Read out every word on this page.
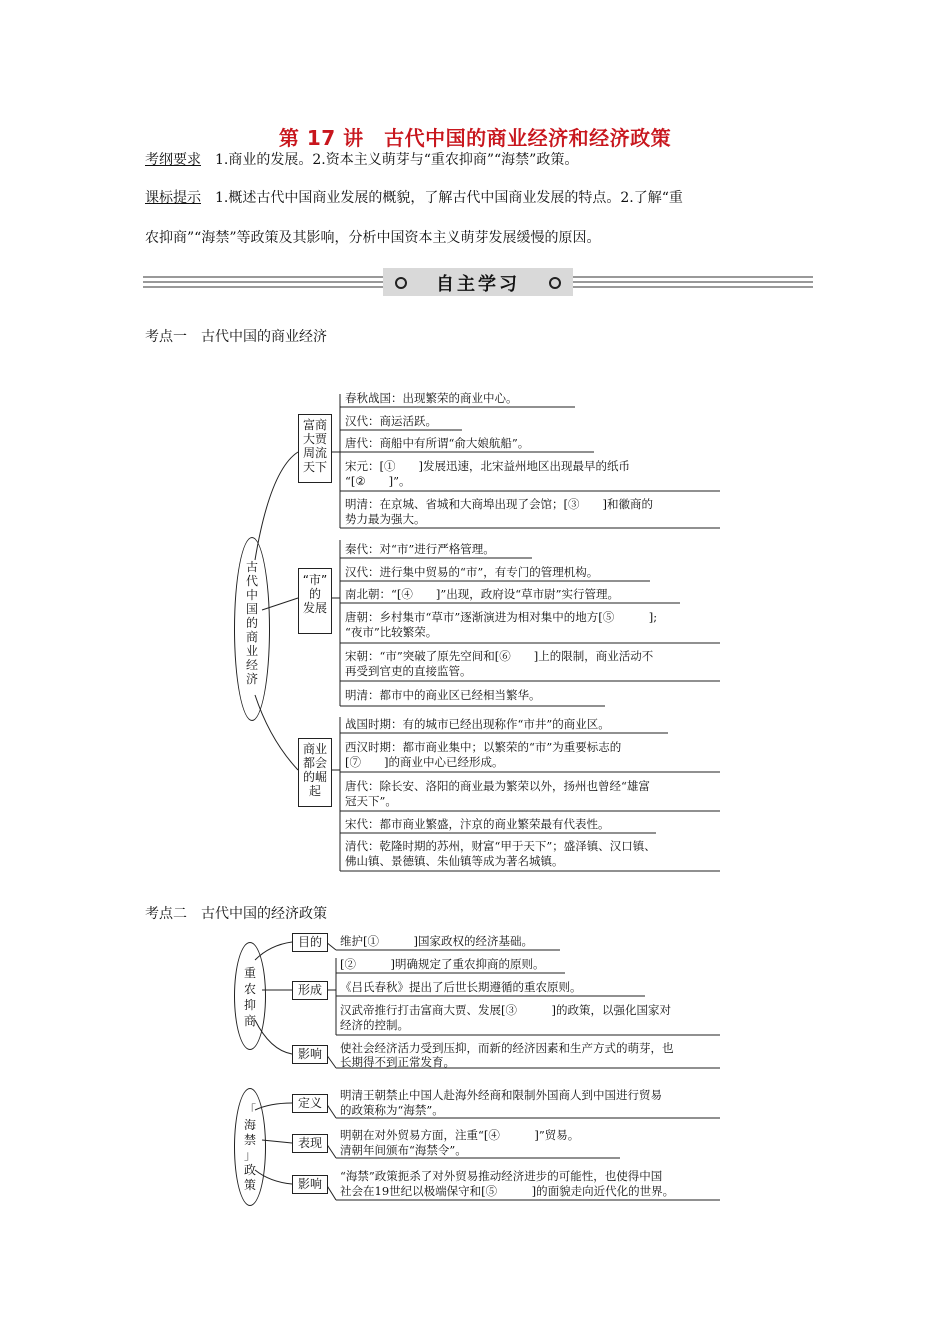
第 17 讲　古代中国的商业经济和经济政策
考纲要求　 1.商业的发展。2.资本主义萌芽与“重农抑商”“海禁”政策。
课标提示　 1.概述古代中国商业发展的概貌，了解古代中国商业发展的特点。2.了解“重
农抑商”“海禁”等政策及其影响，分析中国资本主义萌芽发展缓慢的原因。
自主学习
考点一　古代中国的商业经济
考点二　古代中国的经济政策
古
代
中
国
的
商
业
经
济
富商
大贾
周流
天下
春秋战国：出现繁荣的商业中心。
汉代：商运活跃。
唐代：商船中有所谓“俞大娘航船”。
宋元：[①　　]发展迅速，北宋益州地区出现最早的纸币
“[②　　]”。
明清：在京城、省城和大商埠出现了会馆；[③　　]和徽商的
势力最为强大。
“市”
的
发展
秦代：对“市”进行严格管理。
汉代：进行集中贸易的“市”，有专门的管理机构。
南北朝：“[④　　]”出现，政府设“草市尉”实行管理。
唐朝：乡村集市“草市”逐渐演进为相对集中的地方[⑤　　　];
“夜市”比较繁荣。
宋朝：“市”突破了原先空间和[⑥　　]上的限制，商业活动不
再受到官吏的直接监管。
明清：都市中的商业区已经相当繁华。
商业
都会
的崛
起
战国时期：有的城市已经出现称作“市井”的商业区。
西汉时期：都市商业集中；以繁荣的“市”为重要标志的
[⑦　　]的商业中心已经形成。
唐代：除长安、洛阳的商业最为繁荣以外，扬州也曾经“雄富
冠天下”。
宋代：都市商业繁盛，汴京的商业繁荣最有代表性。
清代：乾隆时期的苏州，财富“甲于天下”；盛泽镇、汉口镇、
佛山镇、景德镇、朱仙镇等成为著名城镇。
重
农
抑
商
目的	维护[①　　　]国家政权的经济基础。
形成
[②　　　]明确规定了重农抑商的原则。
《吕氏春秋》提出了后世长期遵循的重农原则。
汉武帝推行打击富商大贾、发展[③　　　]的政策，以强化国家对
经济的控制。
影响	使社会经济活力受到压抑，而新的经济因素和生产方式的萌芽，也
长期得不到正常发育。
「
海
禁
」
政
策
定义
明清王朝禁止中国人赴海外经商和限制外国商人到中国进行贸易
的政策称为“海禁”。
表现
明朝在对外贸易方面，注重“[④　　　]”贸易。
清朝年间颁布“海禁令”。
影响
“海禁”政策扼杀了对外贸易推动经济进步的可能性，也使得中国
社会在19世纪以极端保守和[⑤　　　]的面貌走向近代化的世界。
